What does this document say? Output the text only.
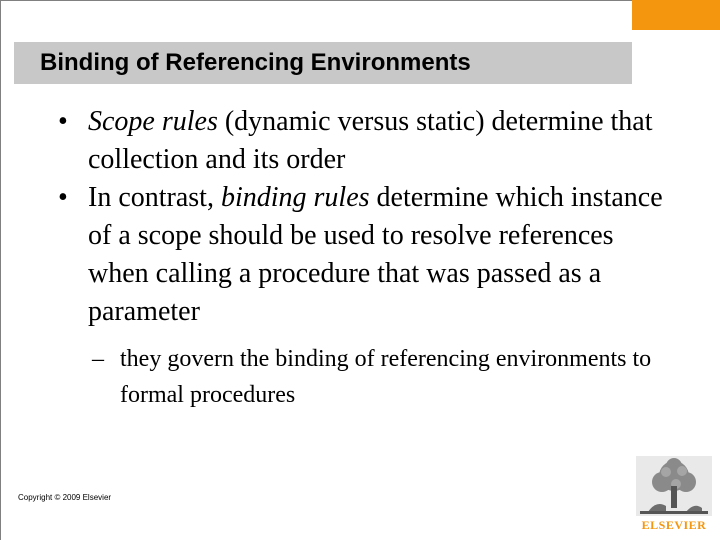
Binding of Referencing Environments
• Scope rules (dynamic versus static) determine that collection and its order
• In contrast, binding rules determine which instance of a scope should be used to resolve references when calling a procedure that was passed as a parameter
– they govern the binding of referencing environments to formal procedures
Copyright © 2009 Elsevier
ELSEVIER
